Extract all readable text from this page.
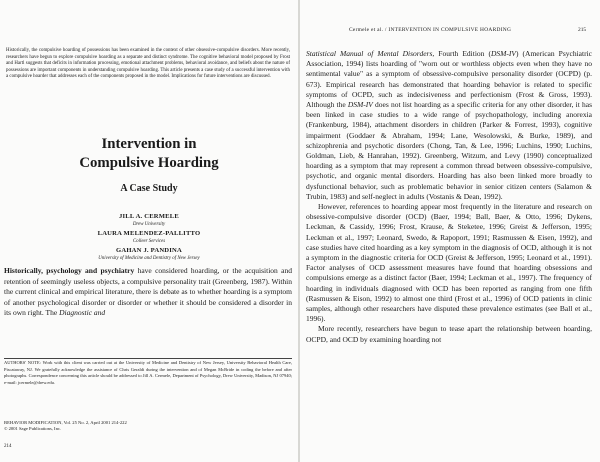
Historically, the compulsive hoarding of possessions has been examined in the context of other obsessive-compulsive disorders. More recently, researchers have begun to explore compulsive hoarding as a separate and distinct syndrome. The cognitive behavioral model proposed by Frost and Hartl suggests that deficits in information processing, emotional attachment problems, behavioral avoidance, and beliefs about the nature of possessions are important components in understanding compulsive hoarding. This article presents a case study of a successful intervention with a compulsive hoarder that addresses each of the components proposed in the model. Implications for future interventions are discussed.
Intervention in
Compulsive Hoarding
A Case Study
JILL A. CERMELE
Drew University
LAURA MELENDEZ-PALLITTO
Colleer Services
GAHAN J. PANDINA
University of Medicine and Dentistry of New Jersey
Historically, psychology and psychiatry have considered hoarding, or the acquisition and retention of seemingly useless objects, a compulsive personality trait (Greenberg, 1987). Within the current clinical and empirical literature, there is debate as to whether hoarding is a symptom of another psychological disorder or disorder or whether it should be considered a disorder in its own right. The Diagnostic and
AUTHORS' NOTE: Work with this client was carried out at the University of Medicine and Dentistry of New Jersey, University Behavioral Health Care, Piscataway, NJ. We gratefully acknowledge the assistance of Chris Geraldi during the intervention and of Megan McBride in coding the before and after photographs. Correspondence concerning this article should be addressed to Jill A. Cermele, Department of Psychology, Drew University, Madison, NJ 07940; e-mail: jcermele@drew.edu.
BEHAVIOR MODIFICATION, Vol. 25 No. 2, April 2001 214-222
© 2001 Sage Publications, Inc.
214
Cermele et al. / INTERVENTION IN COMPULSIVE HOARDING	215

Statistical Manual of Mental Disorders, Fourth Edition (DSM-IV) (American Psychiatric Association, 1994) lists hoarding of "worn out or worthless objects even when they have no sentimental value" as a symptom of obsessive-compulsive personality disorder (OCPD) (p. 673). Empirical research has demonstrated that hoarding behavior is related to specific symptoms of OCPD, such as indecisiveness and perfectionism (Frost & Gross, 1993). Although the DSM-IV does not list hoarding as a specific criteria for any other disorder, it has been linked in case studies to a wide range of psychopathology, including anorexia (Frankenburg, 1984), attachment disorders in children (Parker & Forrest, 1993), cognitive impairment (Goddaer & Abraham, 1994; Lane, Wesolowski, & Burke, 1989), and schizophrenia and psychotic disorders (Chong, Tan, & Lee, 1996; Luchins, 1990; Luchins, Goldman, Lieb, & Hanrahan, 1992). Greenberg, Witzum, and Levy (1990) conceptualized hoarding as a symptom that may represent a common thread between obsessive-compulsive, psychotic, and organic mental disorders. Hoarding has also been linked more broadly to dysfunctional behavior, such as problematic behavior in senior citizen centers (Salamon & Trubin, 1983) and self-neglect in adults (Vostanis & Dean, 1992).

However, references to hoarding appear most frequently in the literature and research on obsessive-compulsive disorder (OCD) (Baer, 1994; Ball, Baer, & Otto, 1996; Dykens, Leckman, & Cassidy, 1996; Frost, Krause, & Steketee, 1996; Greist & Jefferson, 1995; Leckman et al., 1997; Leonard, Swedo, & Rapoport, 1991; Rasmussen & Eisen, 1992), and case studies have cited hoarding as a key symptom in the diagnosis of OCD, although it is not a symptom in the diagnostic criteria for OCD (Greist & Jefferson, 1995; Leonard et al., 1991). Factor analyses of OCD assessment measures have found that hoarding obsessions and compulsions emerge as a distinct factor (Baer, 1994; Leckman et al., 1997). The frequency of hoarding in individuals diagnosed with OCD has been reported as ranging from one fifth (Rasmussen & Eison, 1992) to almost one third (Frost et al., 1996) of OCD patients in clinic samples, although other researchers have disputed these prevalence estimates (see Ball et al., 1996).

More recently, researchers have begun to tease apart the relationship between hoarding, OCPD, and OCD by examining hoarding not
